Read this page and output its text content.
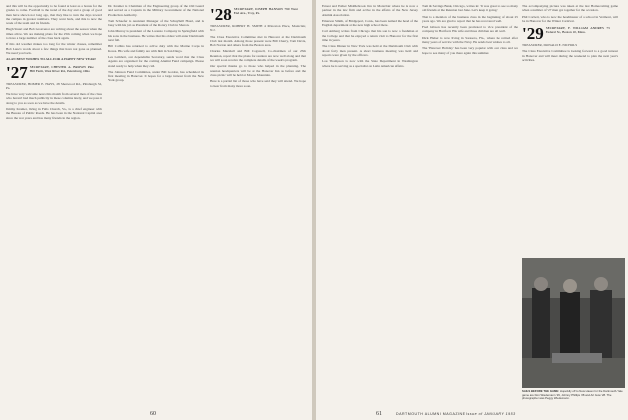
and this will be the opportunity to be found at least as a bonus for the grades to come. Football is the trend of the day and a group of good men have shown not long ago, that they like to turn the days toward the campus in greater numbers. They went back, and this is now the week of the team and its friends.

Hugh Stuart and Bob Grosvenor are writing about the season when the times allow. We are making plans for the 25th coming when we hope to have a large number of the class back again.

If this old weather makes too long for the winter classes, remember Bob Lane's words about a few things that have not gone as planned. We need you back.

ALAN BEST WISHES TO ALL FOR A HAPPY NEW YEAR!

'27 SECRETARY, CHESTER A. BROWN Pine Hill Farm, West River Rd., Petersburg, Ohio

TREASURER, HOMER E. HAYS, 28 Sherwood Rd., Pittsburgh 32, Pa.

We have very welcome news this month from several men of the class who haven't had much publicity in these columns lately, and we pass it along to you as soon as we have the details.

Jimmy Kramer, living in Falls Church, Va., is a chief engineer with the Bureau of Public Roads. He has been in the National Capital area since the war years and has many friends in the region.

Dr. Kramer is Chairman of the Engineering group of the Old Guard and served as a Captain in the Military Government of the National Production Authority.

Tom Schaefer is Assistant Manager of the Schuylkill Hotel, and is busy with his job as President of the Rotary Club in Sharon.

John Murray is president of the Lorenzo Company in Springfield with his sons in the business. He writes that his oldest will enter Dartmouth next fall.

Bill Collins has returned to active duty with the Marine Corps in Korea. His wife and family are with him in San Diego.

Les Lambert, our dependable Secretary, sends word that the Class Agents are organized for the coming Alumni Fund campaign. Please stand ready to help when they call.

The Johnson Fund Committee, under Bill Gordon, has scheduled its first meeting in Hanover. It hopes for a large turnout from the New York group.

'28 SECRETARY, JOSEPH HANSON 790 West End Ave., Troy, Pa.

TREASURER, ROBERT H. SMITH 4 Princeton Place, Montclair, N.J.

The Class Executive Committee met in Hanover at the Dartmouth Club last month. Among those present were Bill Cherry, Tom Davis, Bob Norton and others from the Boston area.

Charles Marshall and Bill Cogswell, Co-chairmen of our 25th Reunion, report that the plans for reunion are now well along and that we will soon receive the complete details of the week's program.

Our special thanks go to those who helped in the planning. The reunion headquarters will be at the Hanover Inn as before and the class picnic will be held at Moose Mountain.

Here is a partial list of those who have said they will attend. We hope to hear from many more soon.

60

Ernest and Esther Middlebrook live in Montclair where he is now a partner in the law firm and active in the affairs of the New Jersey Alumni Association.

Emerson Smith, of Bridgeport, Conn., has been named the head of the English department at the new high school there.

Carl Amberg writes from Chicago that his son is now a freshman at the College and that he enjoyed a return visit to Hanover for the first time in years.

The Class Dinner in New York was held at the Dartmouth Club with about forty men present. A short business meeting was held and reports were given by the officers.

Lou Thompson is now with the State Department in Washington where he is serving as a specialist on Latin American affairs.

Tom & Savings Bank, Chicago, writes in: 'It was great to see so many old friends at the Reunion last June. Let's keep it going.'

That is a mention of the business class in the beginning of about 25 years ago. We are glad to report that he has recovered well.

Fred Gibson has recently been promoted to vice president of the company in Hartford. His wife and three children are all well.

Dick Huber is now living in Sarasota, Fla., where he retired after many years of service with the Navy. He sends best wishes to all.

The 'Hanover Holiday' has been very popular with our class and we hope to see many of you there again this summer.

The accompanying picture was taken at the last Homecoming game when a number of '27 men got together for the occasion.

Phil Corbett, who is now the headmaster of a school in Vermont, will be in Hanover for the Winter Carnival.

'29 SECRETARY, F. WILLIAM ANDRES 73 Federal St., Boston 10, Mass.

TREASURER, DONALD E. NICHOLS

The Class Executive Committee is looking forward to a good turnout in Hanover and will meet during the weekend to plan the next year's activities.

SAILS BEFORE THE GAME: Hopefully off to New Haven for the Dartmouth-Yale game are Don Wiedemann '29, Johnny Phillips '28 and Art Gow '28. The photographer was Peggy Wiedemann.
DARTMOUTH ALUMNI MAGAZINE Issue of JANUARY 1953
61
